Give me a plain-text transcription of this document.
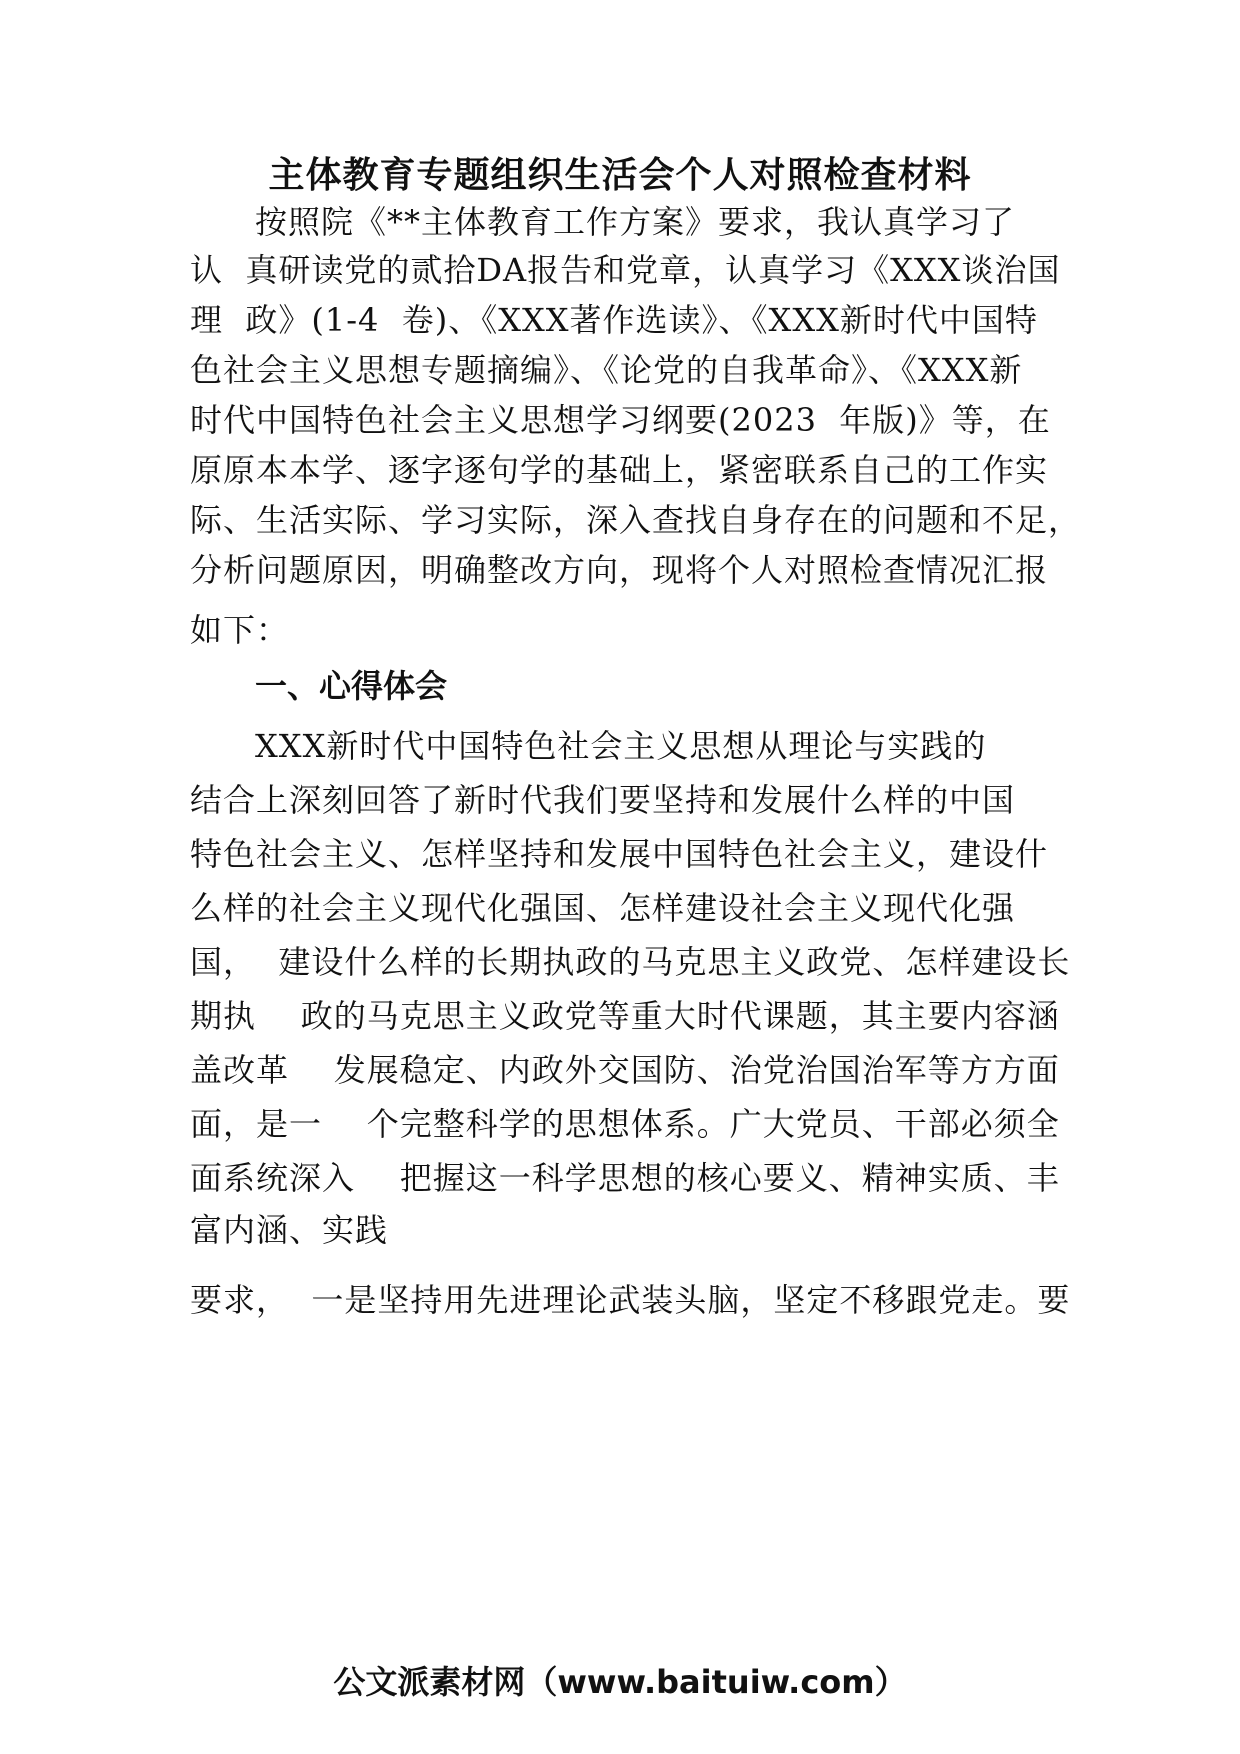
主体教育专题组织生活会个人对照检查材料

按照院《**主体教育工作方案》要求，我认真学习了

认  真研读党的贰拾DA报告和党章，认真学习《XXX谈治国

理  政》(1-4  卷)、《XXX著作选读》、《XXX新时代中国特

色社会主义思想专题摘编》、《论党的自我革命》、《XXX新

时代中国特色社会主义思想学习纲要(2023  年版)》等，在

原原本本学、逐字逐句学的基础上，紧密联系自己的工作实

际、生活实际、学习实际，深入查找自身存在的问题和不足，

分析问题原因，明确整改方向，现将个人对照检查情况汇报

如下：

一、心得体会

XXX新时代中国特色社会主义思想从理论与实践的

结合上深刻回答了新时代我们要坚持和发展什么样的中国

特色社会主义、怎样坚持和发展中国特色社会主义，建设什

么样的社会主义现代化强国、怎样建设社会主义现代化强

国，  建设什么样的长期执政的马克思主义政党、怎样建设长

期执    政的马克思主义政党等重大时代课题，其主要内容涵

盖改革    发展稳定、内政外交国防、治党治国治军等方方面

面，是一    个完整科学的思想体系。广大党员、干部必须全

面系统深入    把握这一科学思想的核心要义、精神实质、丰

富内涵、实践

要求，  一是坚持用先进理论武装头脑，坚定不移跟党走。要

公文派素材网（www.baituiw.com）
